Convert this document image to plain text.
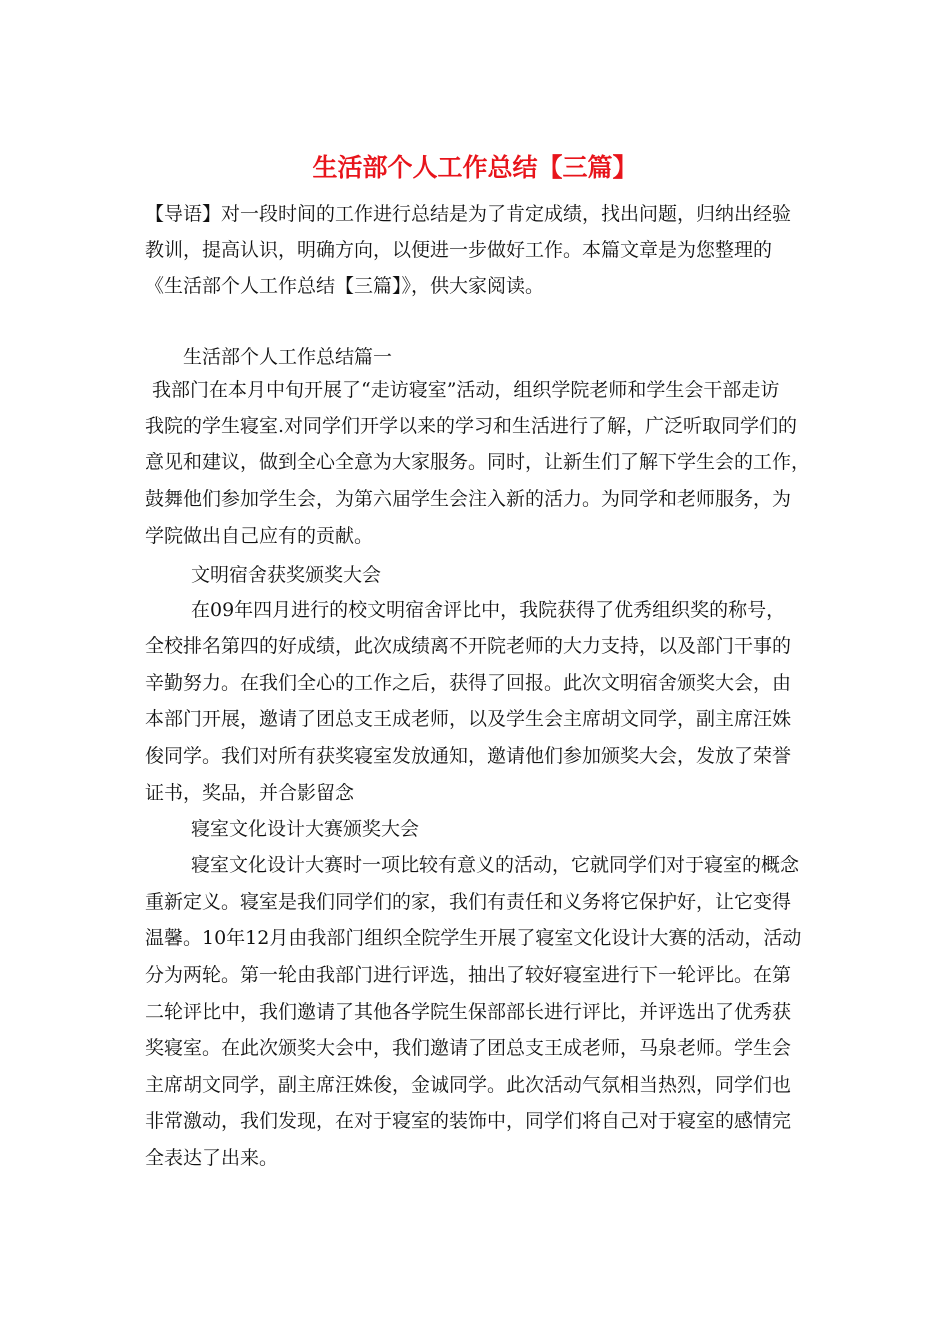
生活部个人工作总结【三篇】
【导语】对一段时间的工作进行总结是为了肯定成绩，找出问题，归纳出经验
教训，提高认识，明确方向，以便进一步做好工作。本篇文章是为您整理的
《生活部个人工作总结【三篇】》，供大家阅读。
生活部个人工作总结篇一
我部门在本月中旬开展了“走访寝室”活动，组织学院老师和学生会干部走访
我院的学生寝室.对同学们开学以来的学习和生活进行了解，广泛听取同学们的
意见和建议，做到全心全意为大家服务。同时，让新生们了解下学生会的工作，
鼓舞他们参加学生会，为第六届学生会注入新的活力。为同学和老师服务，为
学院做出自己应有的贡献。
文明宿舍获奖颁奖大会
在09年四月进行的校文明宿舍评比中，我院获得了优秀组织奖的称号，
全校排名第四的好成绩，此次成绩离不开院老师的大力支持，以及部门干事的
辛勤努力。在我们全心的工作之后，获得了回报。此次文明宿舍颁奖大会，由
本部门开展，邀请了团总支王成老师，以及学生会主席胡文同学，副主席汪姝
俊同学。我们对所有获奖寝室发放通知，邀请他们参加颁奖大会，发放了荣誉
证书，奖品，并合影留念
寝室文化设计大赛颁奖大会
寝室文化设计大赛时一项比较有意义的活动，它就同学们对于寝室的概念
重新定义。寝室是我们同学们的家，我们有责任和义务将它保护好，让它变得
温馨。10年12月由我部门组织全院学生开展了寝室文化设计大赛的活动，活动
分为两轮。第一轮由我部门进行评选，抽出了较好寝室进行下一轮评比。在第
二轮评比中，我们邀请了其他各学院生保部部长进行评比，并评选出了优秀获
奖寝室。在此次颁奖大会中，我们邀请了团总支王成老师，马泉老师。学生会
主席胡文同学，副主席汪姝俊，金诚同学。此次活动气氛相当热烈，同学们也
非常激动，我们发现，在对于寝室的装饰中，同学们将自己对于寝室的感情完
全表达了出来。
